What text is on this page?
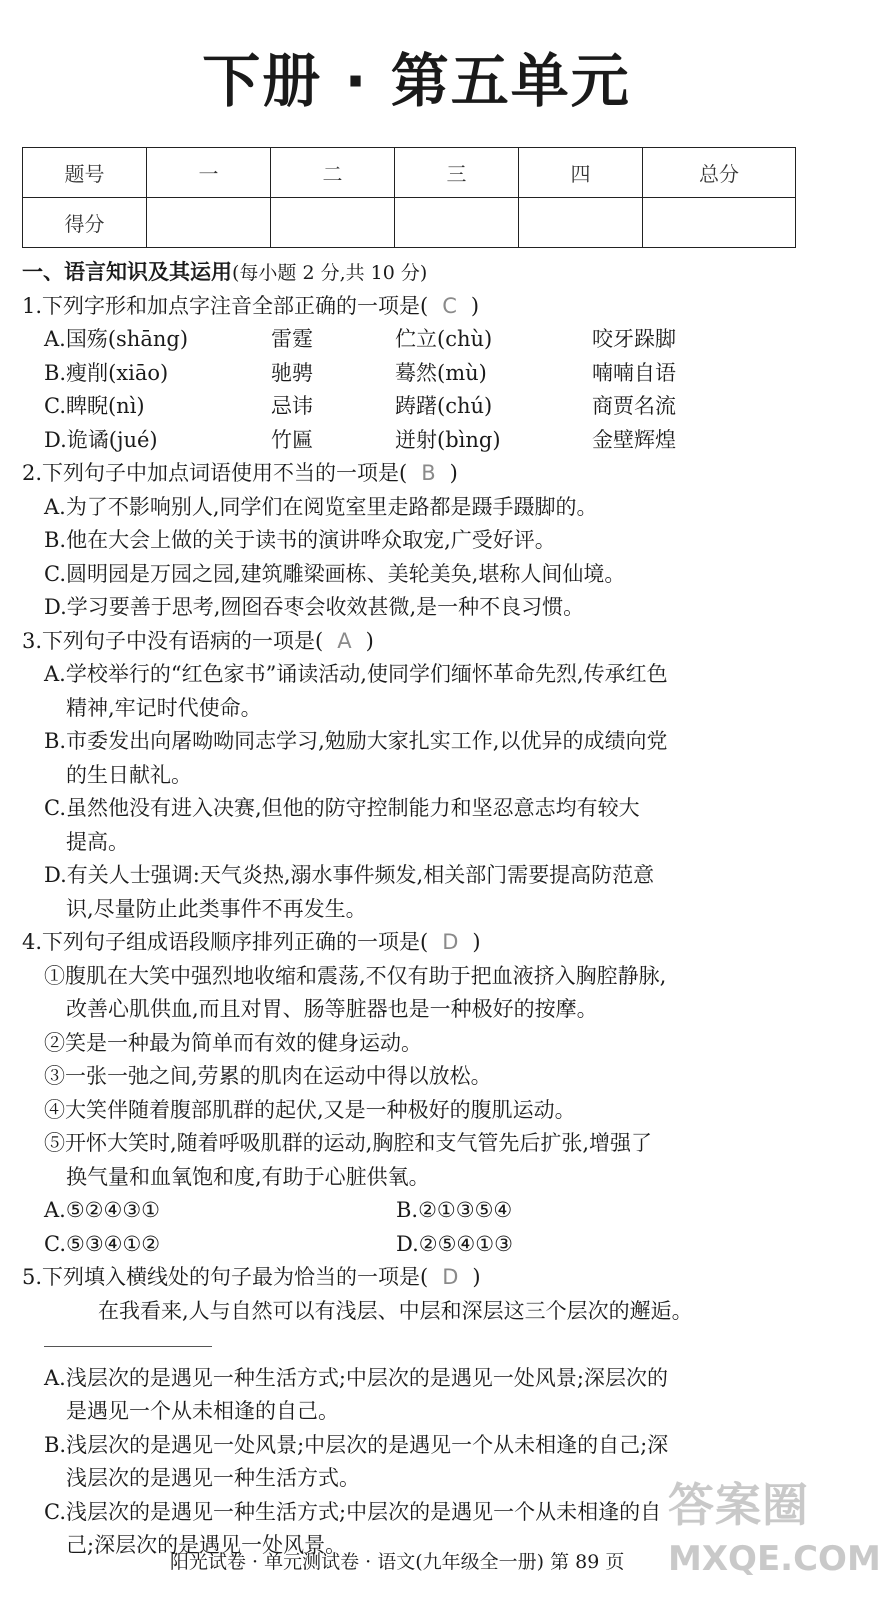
下册 · 第五单元
题号	一	二	三	四	总分
得分					
一、语言知识及其运用(每小题 2 分,共 10 分)
1.下列字形和加点字注音全部正确的一项是( C )
A.国殇(shāng)	雷霆	伫立(chù)	咬牙跺脚
B.瘦削(xiāo)	驰骋	蓦然(mù)	喃喃自语
C.睥睨(nì)	忌讳	踌躇(chú)	商贾名流
D.诡谲(jué)	竹匾	迸射(bìng)	金壁辉煌
2.下列句子中加点词语使用不当的一项是( B )
A.为了不影响别人,同学们在阅览室里走路都是蹑手蹑脚的。
B.他在大会上做的关于读书的演讲哗众取宠,广受好评。
C.圆明园是万园之园,建筑雕梁画栋、美轮美奂,堪称人间仙境。
D.学习要善于思考,囫囵吞枣会收效甚微,是一种不良习惯。
3.下列句子中没有语病的一项是( A )
A.学校举行的“红色家书”诵读活动,使同学们缅怀革命先烈,传承红色
精神,牢记时代使命。
B.市委发出向屠呦呦同志学习,勉励大家扎实工作,以优异的成绩向党
的生日献礼。
C.虽然他没有进入决赛,但他的防守控制能力和坚忍意志均有较大
提高。
D.有关人士强调:天气炎热,溺水事件频发,相关部门需要提高防范意
识,尽量防止此类事件不再发生。
4.下列句子组成语段顺序排列正确的一项是( D )
①腹肌在大笑中强烈地收缩和震荡,不仅有助于把血液挤入胸腔静脉,
改善心肌供血,而且对胃、肠等脏器也是一种极好的按摩。
②笑是一种最为简单而有效的健身运动。
③一张一弛之间,劳累的肌肉在运动中得以放松。
④大笑伴随着腹部肌群的起伏,又是一种极好的腹肌运动。
⑤开怀大笑时,随着呼吸肌群的运动,胸腔和支气管先后扩张,增强了
换气量和血氧饱和度,有助于心脏供氧。
A.⑤②④③①	B.②①③⑤④
C.⑤③④①②	D.②⑤④①③
5.下列填入横线处的句子最为恰当的一项是( D )
在我看来,人与自然可以有浅层、中层和深层这三个层次的邂逅。
A.浅层次的是遇见一种生活方式;中层次的是遇见一处风景;深层次的
是遇见一个从未相逢的自己。
B.浅层次的是遇见一处风景;中层次的是遇见一个从未相逢的自己;深
浅层次的是遇见一种生活方式。
C.浅层次的是遇见一种生活方式;中层次的是遇见一个从未相逢的自
己;深层次的是遇见一处风景。
答案圈
MXQE.COM
阳光试卷 · 单元测试卷 · 语文(九年级全一册) 第 89 页
